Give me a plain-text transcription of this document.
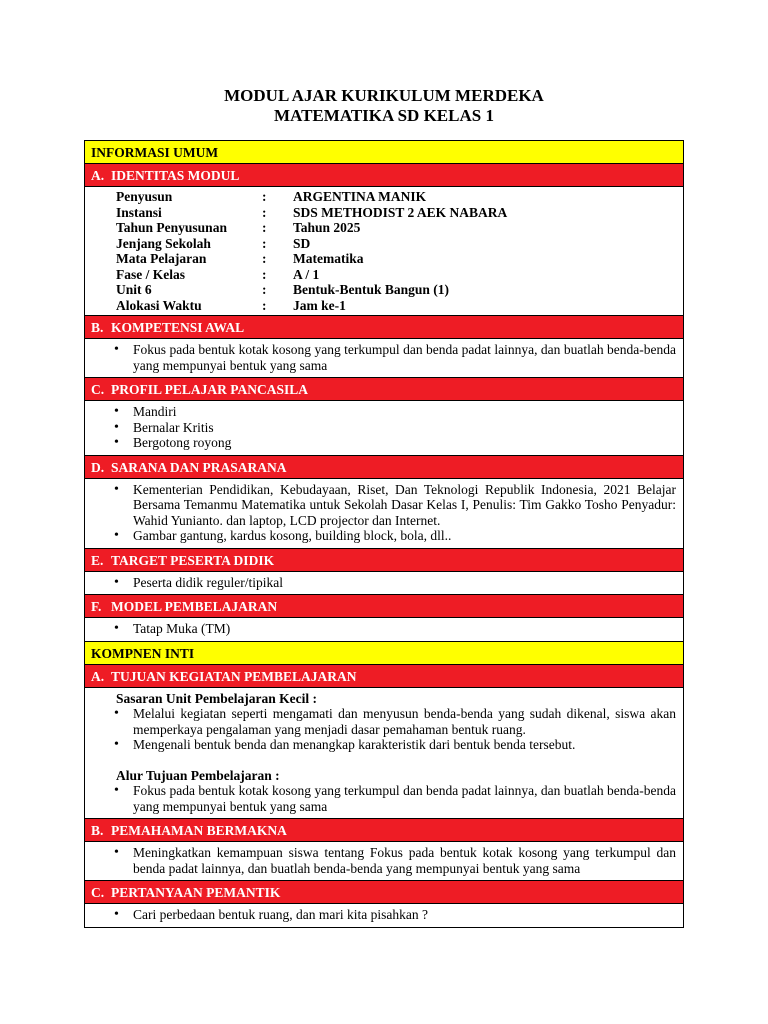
MODUL AJAR KURIKULUM MERDEKA
MATEMATIKA SD KELAS 1
INFORMASI UMUM
A. IDENTITAS MODUL
Penyusun	:	ARGENTINA MANIK
Instansi	:	SDS METHODIST 2 AEK NABARA
Tahun Penyusunan	:	Tahun 2025
Jenjang Sekolah	:	SD
Mata Pelajaran	:	Matematika
Fase / Kelas	:	A / 1
Unit 6	:	Bentuk-Bentuk Bangun (1)
Alokasi Waktu	:	Jam ke-1
B. KOMPETENSI AWAL
• Fokus pada bentuk kotak kosong yang terkumpul dan benda padat lainnya, dan buatlah benda-benda yang mempunyai bentuk yang sama
C. PROFIL PELAJAR PANCASILA
• Mandiri
• Bernalar Kritis
• Bergotong royong
D. SARANA DAN PRASARANA
• Kementerian Pendidikan, Kebudayaan, Riset, Dan Teknologi Republik Indonesia, 2021 Belajar Bersama Temanmu Matematika untuk Sekolah Dasar Kelas I, Penulis: Tim Gakko Tosho Penyadur: Wahid Yunianto. dan laptop, LCD projector dan Internet.
• Gambar gantung, kardus kosong, building block, bola, dll..
E. TARGET PESERTA DIDIK
• Peserta didik reguler/tipikal
F. MODEL PEMBELAJARAN
• Tatap Muka (TM)
KOMPNEN INTI
A. TUJUAN KEGIATAN PEMBELAJARAN
Sasaran Unit Pembelajaran Kecil :
• Melalui kegiatan seperti mengamati dan menyusun benda-benda yang sudah dikenal, siswa akan memperkaya pengalaman yang menjadi dasar pemahaman bentuk ruang.
• Mengenali bentuk benda dan menangkap karakteristik dari bentuk benda tersebut.
Alur Tujuan Pembelajaran :
• Fokus pada bentuk kotak kosong yang terkumpul dan benda padat lainnya, dan buatlah benda-benda yang mempunyai bentuk yang sama
B. PEMAHAMAN BERMAKNA
• Meningkatkan kemampuan siswa tentang Fokus pada bentuk kotak kosong yang terkumpul dan benda padat lainnya, dan buatlah benda-benda yang mempunyai bentuk yang sama
C. PERTANYAAN PEMANTIK
• Cari perbedaan bentuk ruang, dan mari kita pisahkan ?
